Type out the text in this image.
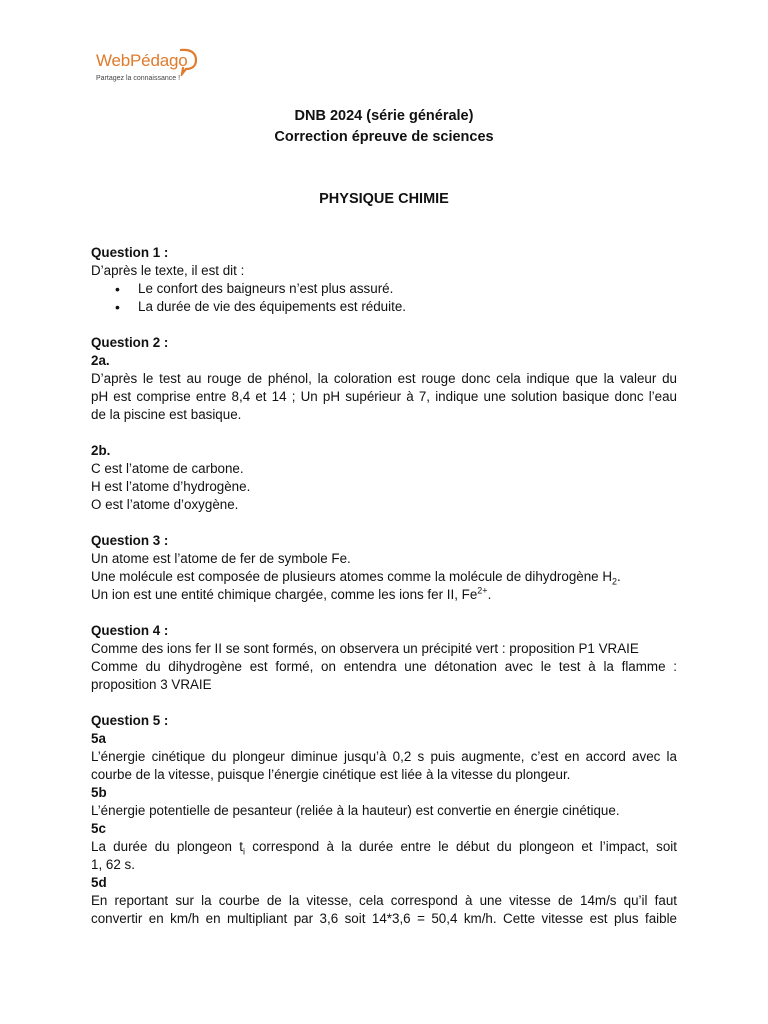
WebPédago
Partagez la connaissance !
DNB 2024 (série générale)
Correction épreuve de sciences
PHYSIQUE CHIMIE
Question 1 :
D’après le texte, il est dit :
• Le confort des baigneurs n’est plus assuré.
• La durée de vie des équipements est réduite.
Question 2 :
2a.
D’après le test au rouge de phénol, la coloration est rouge donc cela indique que la valeur du
pH est comprise entre 8,4 et 14 ; Un pH supérieur à 7, indique une solution basique donc l’eau
de la piscine est basique.
2b.
C est l’atome de carbone.
H est l’atome d’hydrogène.
O est l’atome d’oxygène.
Question 3 :
Un atome est l’atome de fer de symbole Fe.
Une molécule est composée de plusieurs atomes comme la molécule de dihydrogène $H_2$.
Un ion est une entité chimique chargée, comme les ions fer II, $Fe^{2+}$.
Question 4 :
Comme des ions fer II se sont formés, on observera un précipité vert : proposition P1 VRAIE
Comme du dihydrogène est formé, on entendra une détonation avec le test à la flamme :
proposition 3 VRAIE
Question 5 :
5a
L’énergie cinétique du plongeur diminue jusqu’à 0,2 s puis augmente, c’est en accord avec la
courbe de la vitesse, puisque l’énergie cinétique est liée à la vitesse du plongeur.
5b
L’énergie potentielle de pesanteur (reliée à la hauteur) est convertie en énergie cinétique.
5c
La durée du plongeon $t_i$ correspond à la durée entre le début du plongeon et l’impact, soit
1, 62 s.
5d
En reportant sur la courbe de la vitesse, cela correspond à une vitesse de 14m/s qu’il faut
convertir en km/h en multipliant par 3,6 soit 14*3,6 = 50,4 km/h. Cette vitesse est plus faible
